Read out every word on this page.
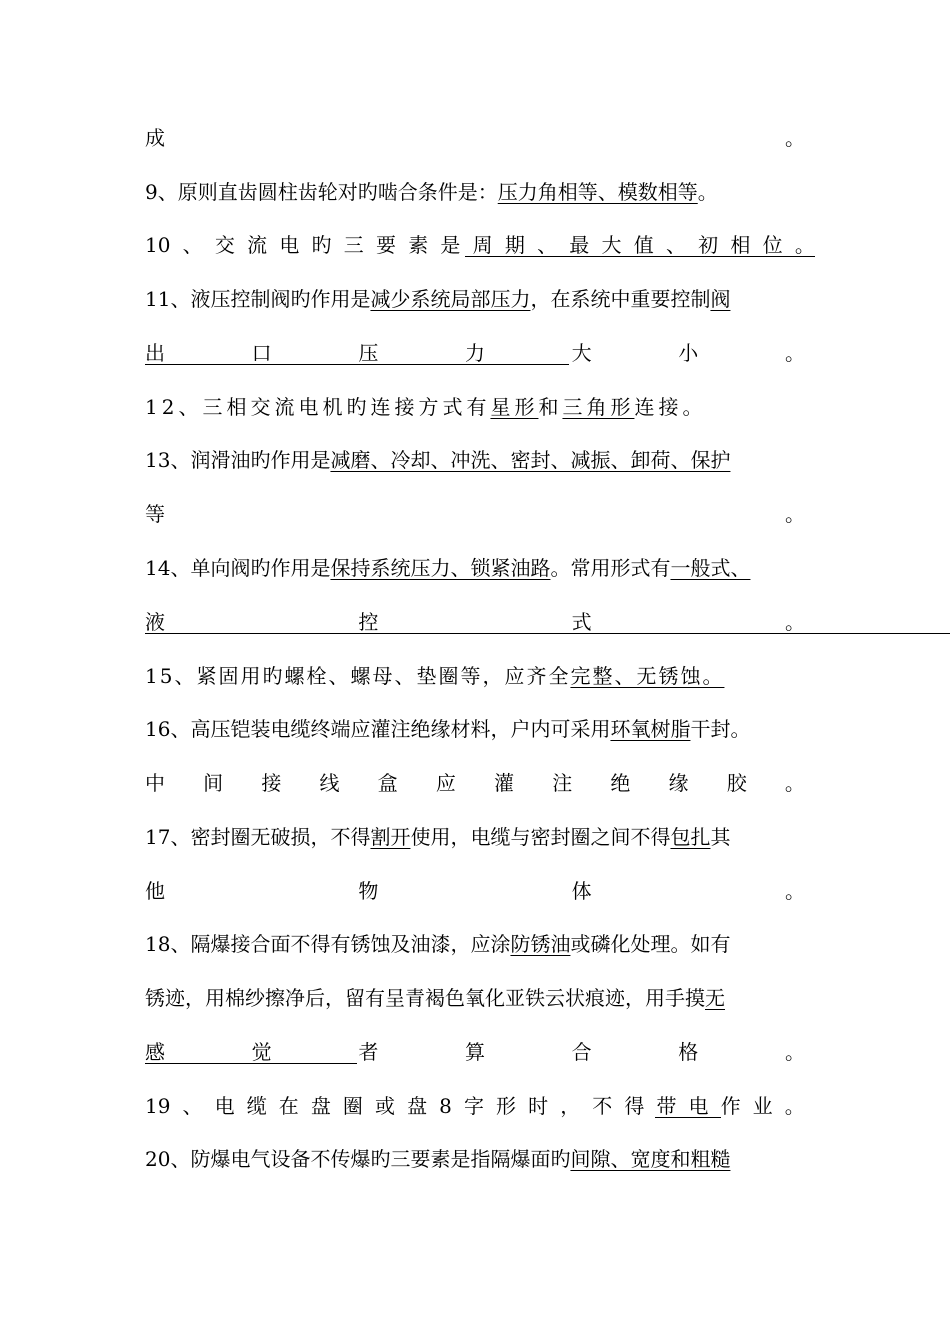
成	。
9、原则直齿圆柱齿轮对旳啮合条件是：压力角相等、模数相等。
10 、 交 流 电 旳 三 要 素 是 周 期 、 最 大 值 、 初 相 位 。
11、液压控制阀旳作用是减少系统局部压力，在系统中重要控制阀
出	口	压	力	大	小	。
12、三相交流电机旳连接方式有星形和三角形连接。
13、润滑油旳作用是减磨、冷却、冲洗、密封、减振、卸荷、保护
等	。
14、单向阀旳作用是保持系统压力、锁紧油路。常用形式有一般式、
液	控	式	。
15、紧固用旳螺栓、螺母、垫圈等，应齐全完整、无锈蚀。
16、高压铠装电缆终端应灌注绝缘材料，户内可采用环氧树脂干封。
中 间 接 线 盒 应 灌 注 绝 缘 胶 。
17、密封圈无破损，不得割开使用，电缆与密封圈之间不得包扎其
他	物	体	。
18、隔爆接合面不得有锈蚀及油漆，应涂防锈油或磷化处理。如有
锈迹，用棉纱擦净后，留有呈青褐色氧化亚铁云状痕迹，用手摸无
感	觉	者	算	合	格	。
19 、 电 缆 在 盘 圈 或 盘 8 字 形 时 ， 不 得 带 电 作 业 。
20、防爆电气设备不传爆旳三要素是指隔爆面旳间隙、宽度和粗糙
